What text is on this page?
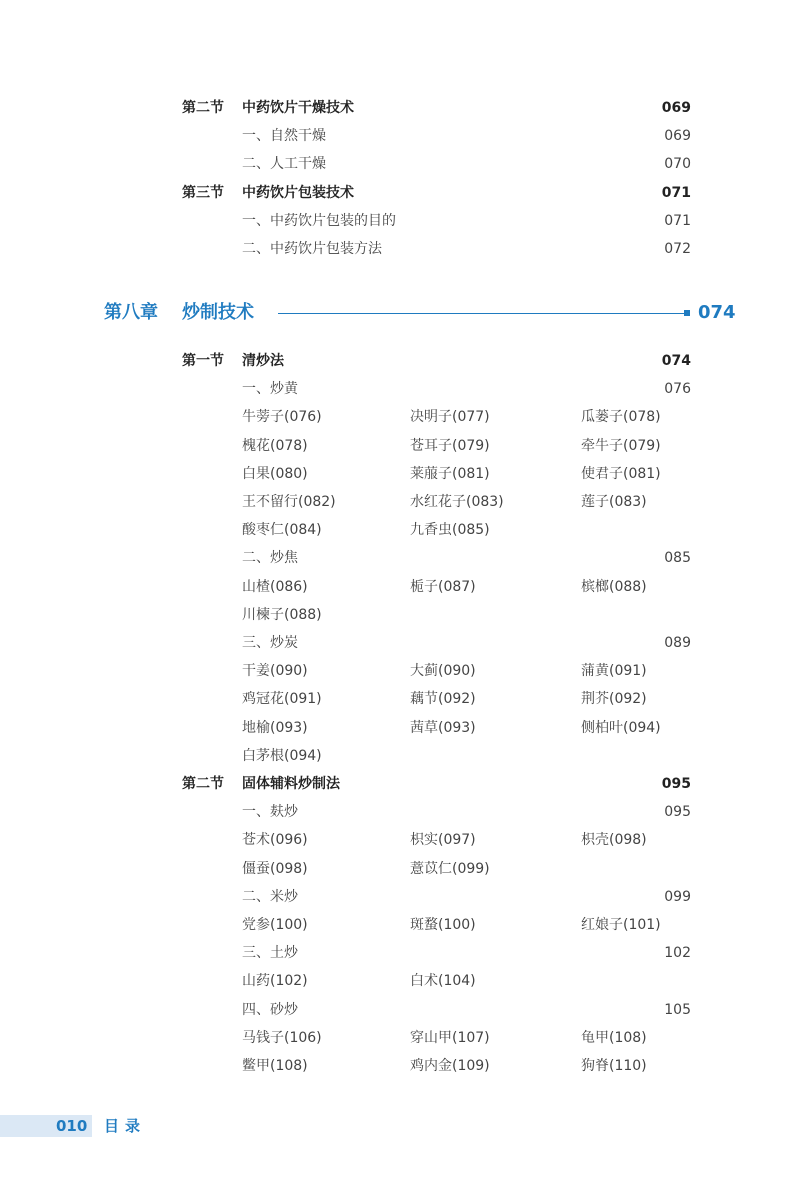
第二节 中药饮片干燥技术	069
一、自然干燥	069
二、人工干燥	070
第三节 中药饮片包装技术	071
一、中药饮片包装的目的	071
二、中药饮片包装方法	072
第八章 炒制技术	074
第一节 清炒法	074
一、炒黄	076
牛蒡子(076)	决明子(077)	瓜蒌子(078)
槐花(078)	苍耳子(079)	牵牛子(079)
白果(080)	莱菔子(081)	使君子(081)
王不留行(082)	水红花子(083)	莲子(083)
酸枣仁(084)	九香虫(085)
二、炒焦	085
山楂(086)	栀子(087)	槟榔(088)
川楝子(088)
三、炒炭	089
干姜(090)	大蓟(090)	蒲黄(091)
鸡冠花(091)	藕节(092)	荆芥(092)
地榆(093)	茜草(093)	侧柏叶(094)
白茅根(094)
第二节 固体辅料炒制法	095
一、麸炒	095
苍术(096)	枳实(097)	枳壳(098)
僵蚕(098)	薏苡仁(099)
二、米炒	099
党参(100)	斑蝥(100)	红娘子(101)
三、土炒	102
山药(102)	白术(104)
四、砂炒	105
马钱子(106)	穿山甲(107)	龟甲(108)
鳖甲(108)	鸡内金(109)	狗脊(110)
010 目录
